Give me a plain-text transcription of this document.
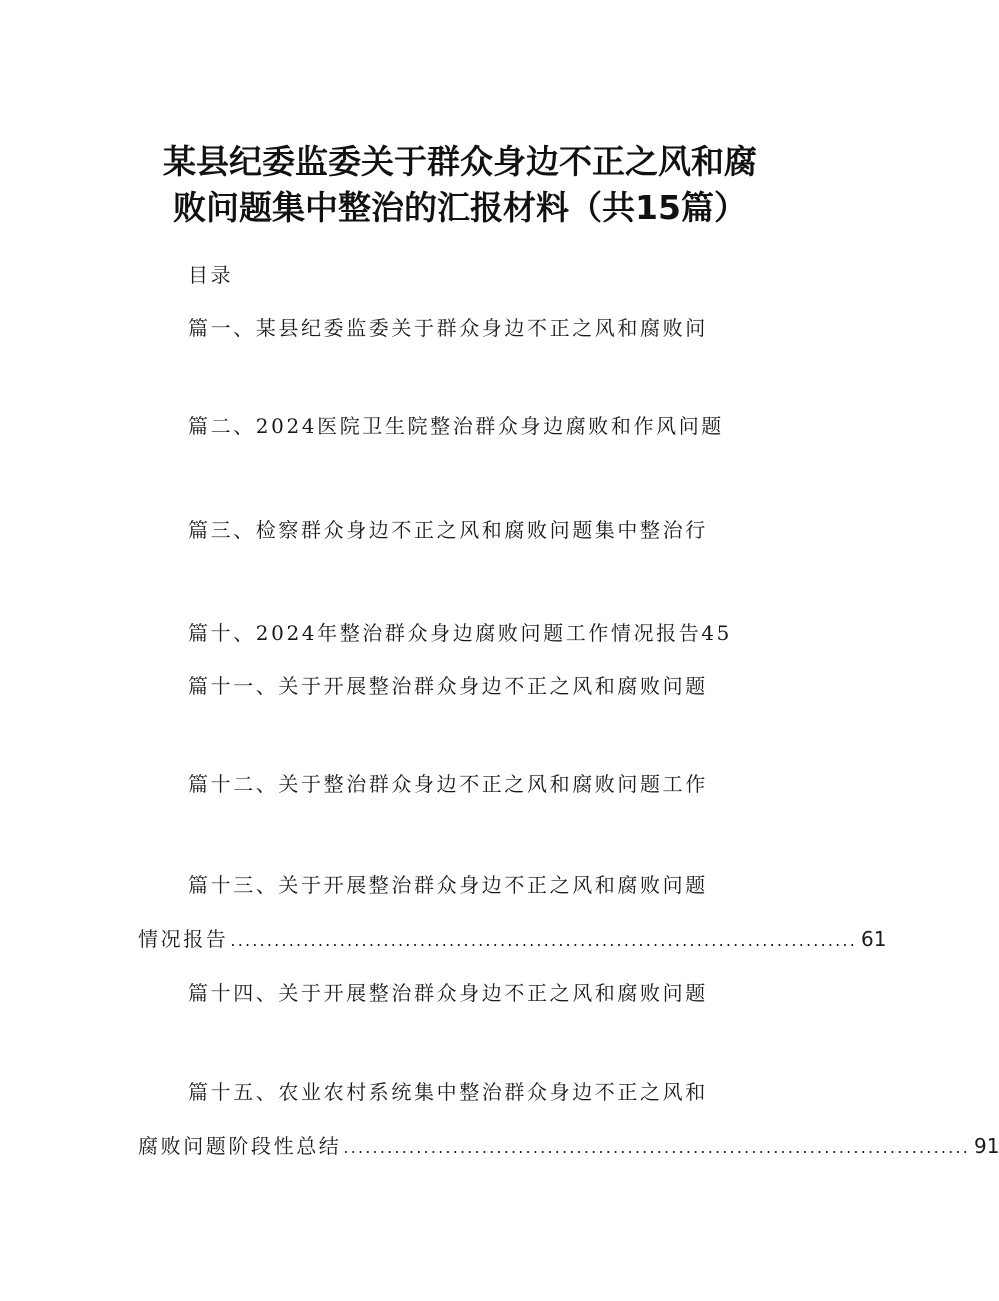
某县纪委监委关于群众身边不正之风和腐
败问题集中整治的汇报材料（共15篇）
目录
篇一、某县纪委监委关于群众身边不正之风和腐败问
篇二、2024医院卫生院整治群众身边腐败和作风问题
篇三、检察群众身边不正之风和腐败问题集中整治行
篇十、2024年整治群众身边腐败问题工作情况报告45
篇十一、关于开展整治群众身边不正之风和腐败问题
篇十二、关于整治群众身边不正之风和腐败问题工作
篇十三、关于开展整治群众身边不正之风和腐败问题
情况报告 ...................................................................................... 61
篇十四、关于开展整治群众身边不正之风和腐败问题
篇十五、农业农村系统集中整治群众身边不正之风和
腐败问题阶段性总结 ...................................................................................... 91
